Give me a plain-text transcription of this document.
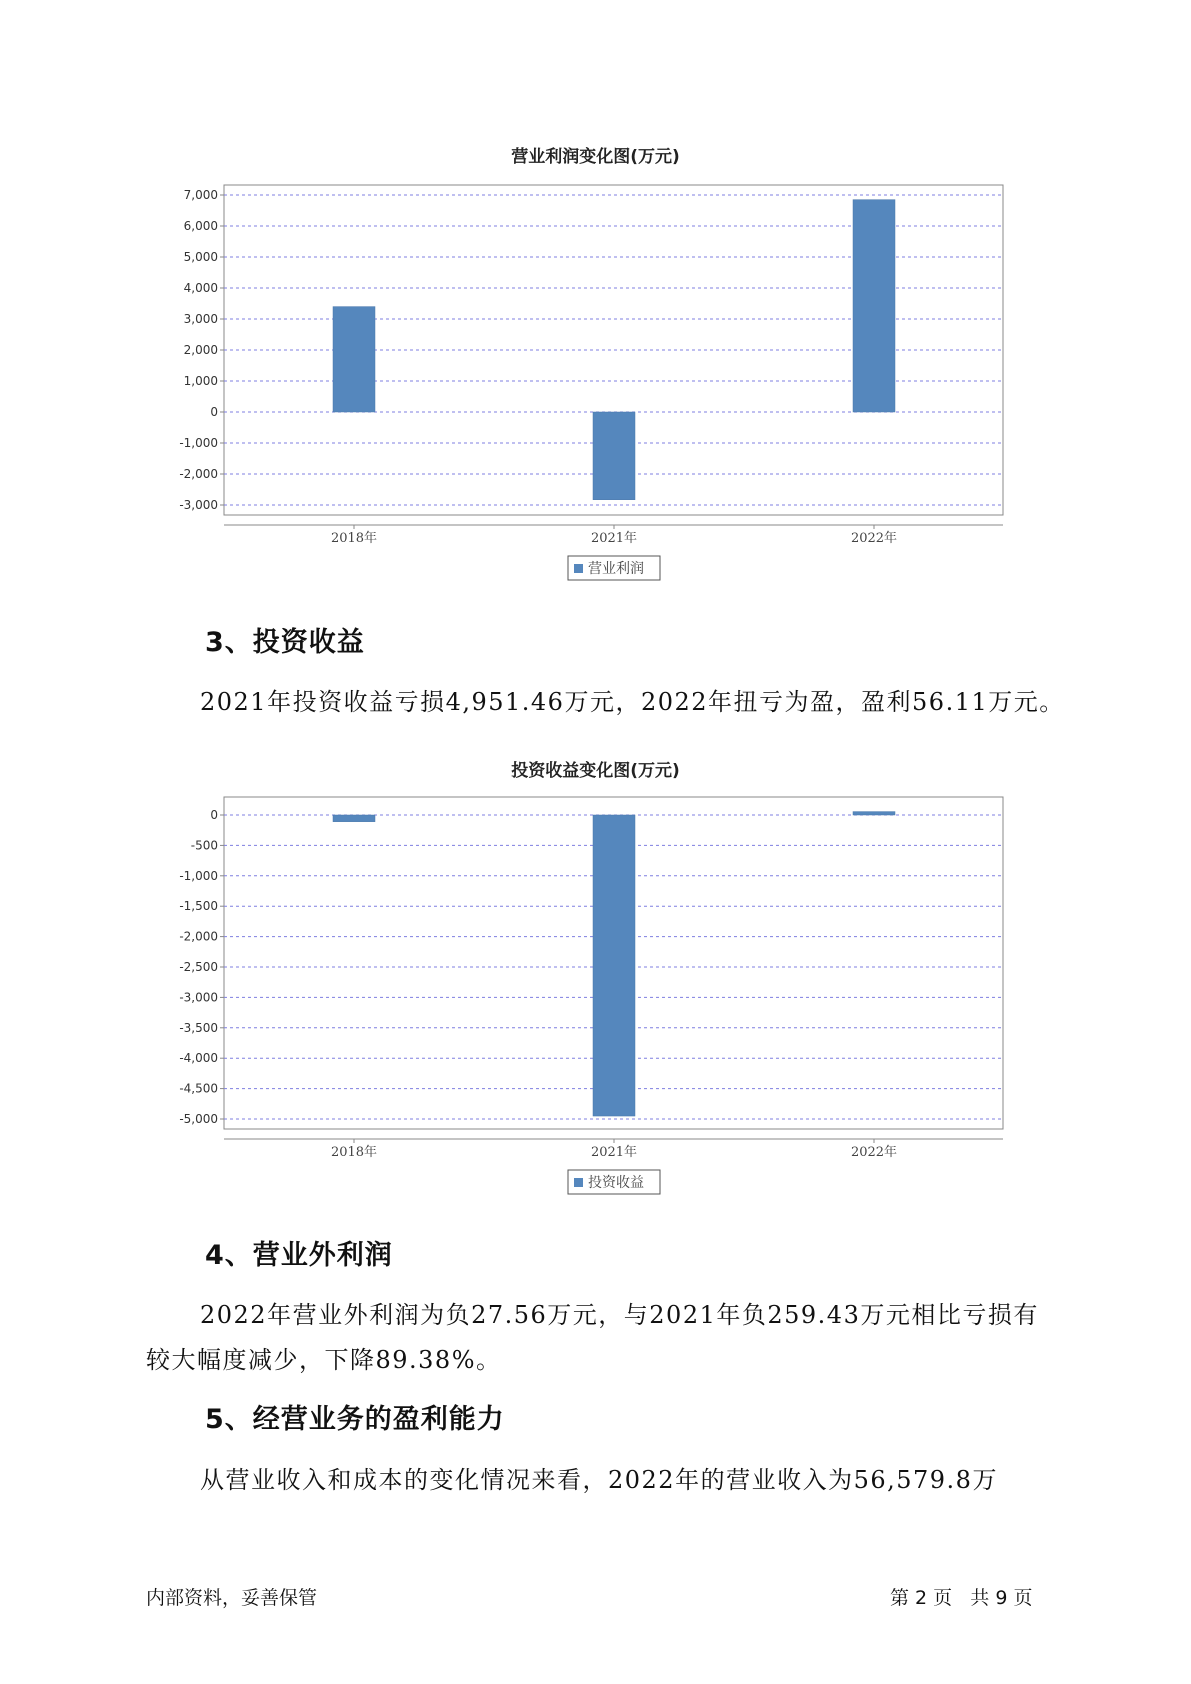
营业利润变化图(万元)
7,000
6,000
5,000
4,000
3,000
2,000
1,000
0
-1,000
-2,000
-3,000
2018年	2021年	2022年
营业利润
3、投资收益
2021年投资收益亏损4,951.46万元，2022年扭亏为盈，盈利56.11万元。
投资收益变化图(万元)
0
-500
-1,000
-1,500
-2,000
-2,500
-3,000
-3,500
-4,000
-4,500
-5,000
2018年	2021年	2022年
投资收益
4、营业外利润
2022年营业外利润为负27.56万元，与2021年负259.43万元相比亏损有
较大幅度减少，下降89.38%。
5、经营业务的盈利能力
从营业收入和成本的变化情况来看，2022年的营业收入为56,579.8万
内部资料，妥善保管	第 2 页   共 9 页
